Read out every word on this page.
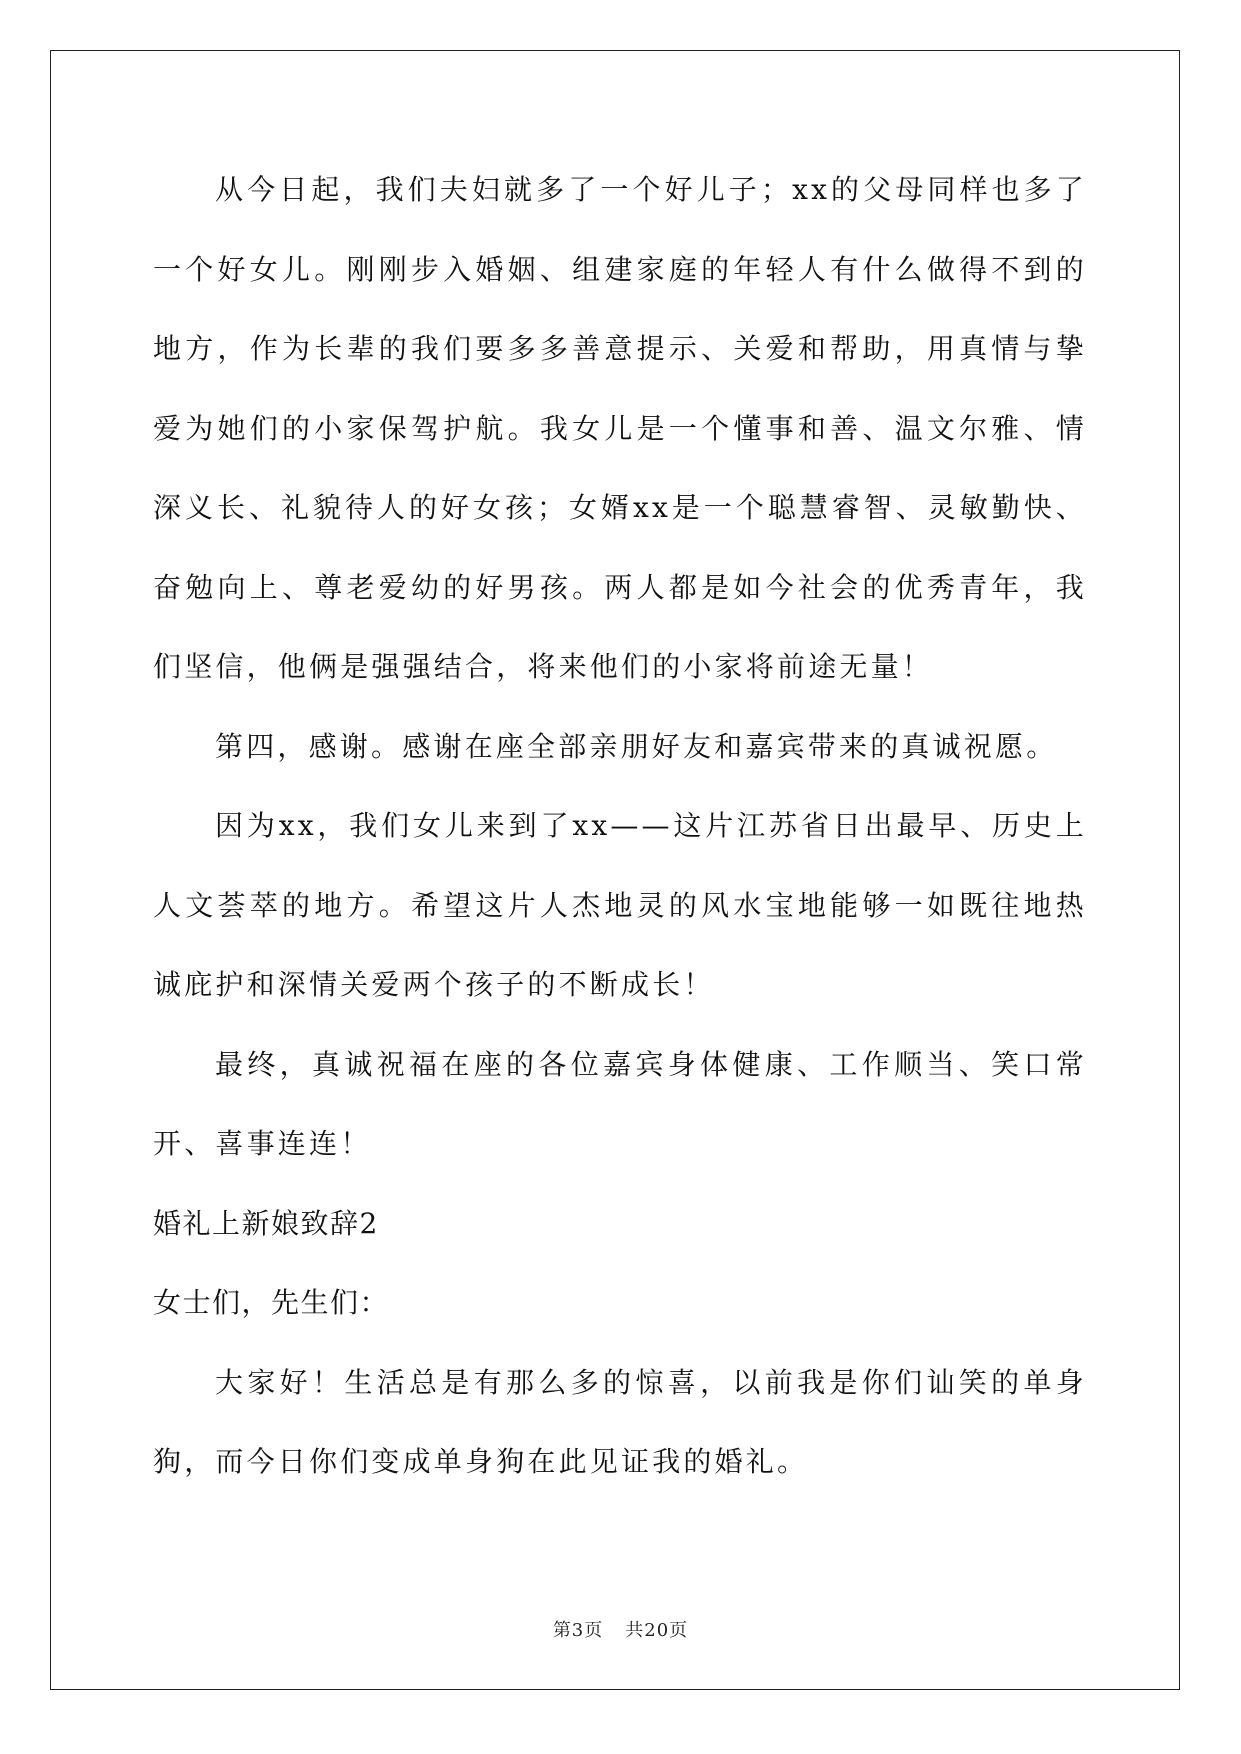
从今日起，我们夫妇就多了一个好儿子；xx的父母同样也多了一个好女儿。刚刚步入婚姻、组建家庭的年轻人有什么做得不到的地方，作为长辈的我们要多多善意提示、关爱和帮助，用真情与挚爱为她们的小家保驾护航。我女儿是一个懂事和善、温文尔雅、情深义长、礼貌待人的好女孩；女婿xx是一个聪慧睿智、灵敏勤快、奋勉向上、尊老爱幼的好男孩。两人都是如今社会的优秀青年，我们坚信，他俩是强强结合，将来他们的小家将前途无量！

第四，感谢。感谢在座全部亲朋好友和嘉宾带来的真诚祝愿。

因为xx，我们女儿来到了xx——这片江苏省日出最早、历史上人文荟萃的地方。希望这片人杰地灵的风水宝地能够一如既往地热诚庇护和深情关爱两个孩子的不断成长！

最终，真诚祝福在座的各位嘉宾身体健康、工作顺当、笑口常开、喜事连连！

婚礼上新娘致辞2

女士们，先生们：

大家好！生活总是有那么多的惊喜，以前我是你们讪笑的单身狗，而今日你们变成单身狗在此见证我的婚礼。

第3页 共20页
